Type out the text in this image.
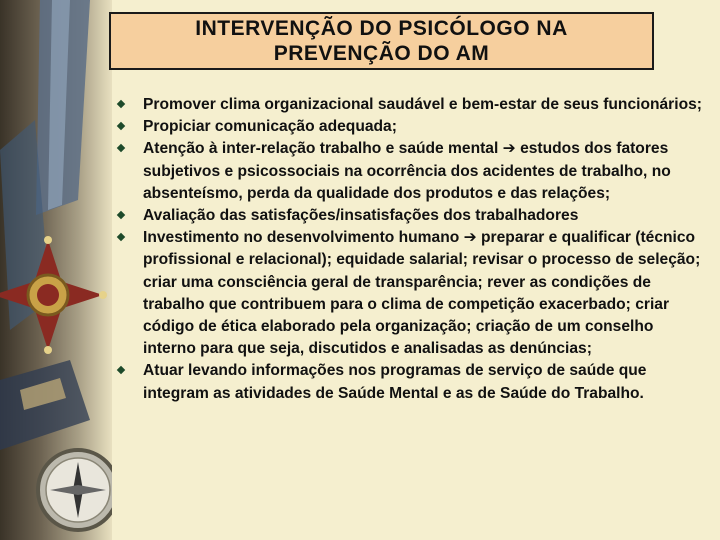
INTERVENÇÃO DO PSICÓLOGO NA
PREVENÇÃO DO AM
Promover clima organizacional saudável e bem-estar de seus funcionários;
Propiciar comunicação adequada;
Atenção à inter-relação trabalho e saúde mental ➔ estudos dos fatores subjetivos e psicossociais na ocorrência dos acidentes de trabalho, no absenteísmo, perda da qualidade dos produtos e das relações;
Avaliação das satisfações/insatisfações dos trabalhadores
Investimento no desenvolvimento humano ➔ preparar e qualificar (técnico profissional e relacional); equidade salarial; revisar o processo de seleção; criar uma consciência geral de transparência; rever as condições de trabalho que contribuem para o clima de competição exacerbado; criar código de ética elaborado pela organização; criação de um conselho interno para que seja, discutidos e analisadas as denúncias;
Atuar levando informações nos programas de serviço de saúde que integram as atividades de Saúde Mental e as de Saúde do Trabalho.
